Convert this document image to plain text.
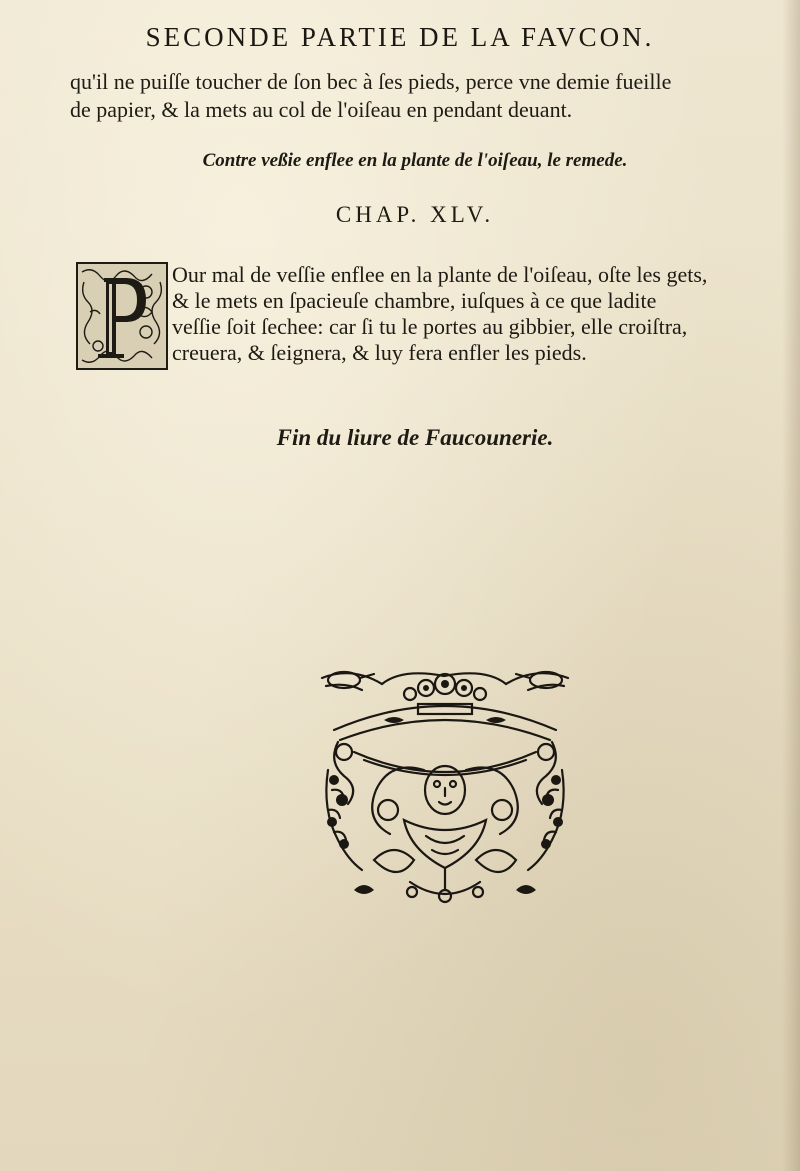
SECONDE PARTIE DE LA FAVCON.
qu'il ne puiſſe toucher de ſon bec à ſes pieds, perce vne demie fueille
de papier, & la mets au col de l'oiſeau en pendant deuant.
Contre veßie enflee en la plante de l'oiſeau, le remede.
CHAP. XLV.
Our mal de veſſie enflee en la plante de l'oiſeau, oſte les gets,
& le mets en ſpacieuſe chambre, iuſques à ce que ladite
veſſie ſoit ſechee: car ſi tu le portes au gibbier, elle croiſtra,
creuera, & ſeignera, & luy fera enfler les pieds.
Fin du liure de Faucounerie.
